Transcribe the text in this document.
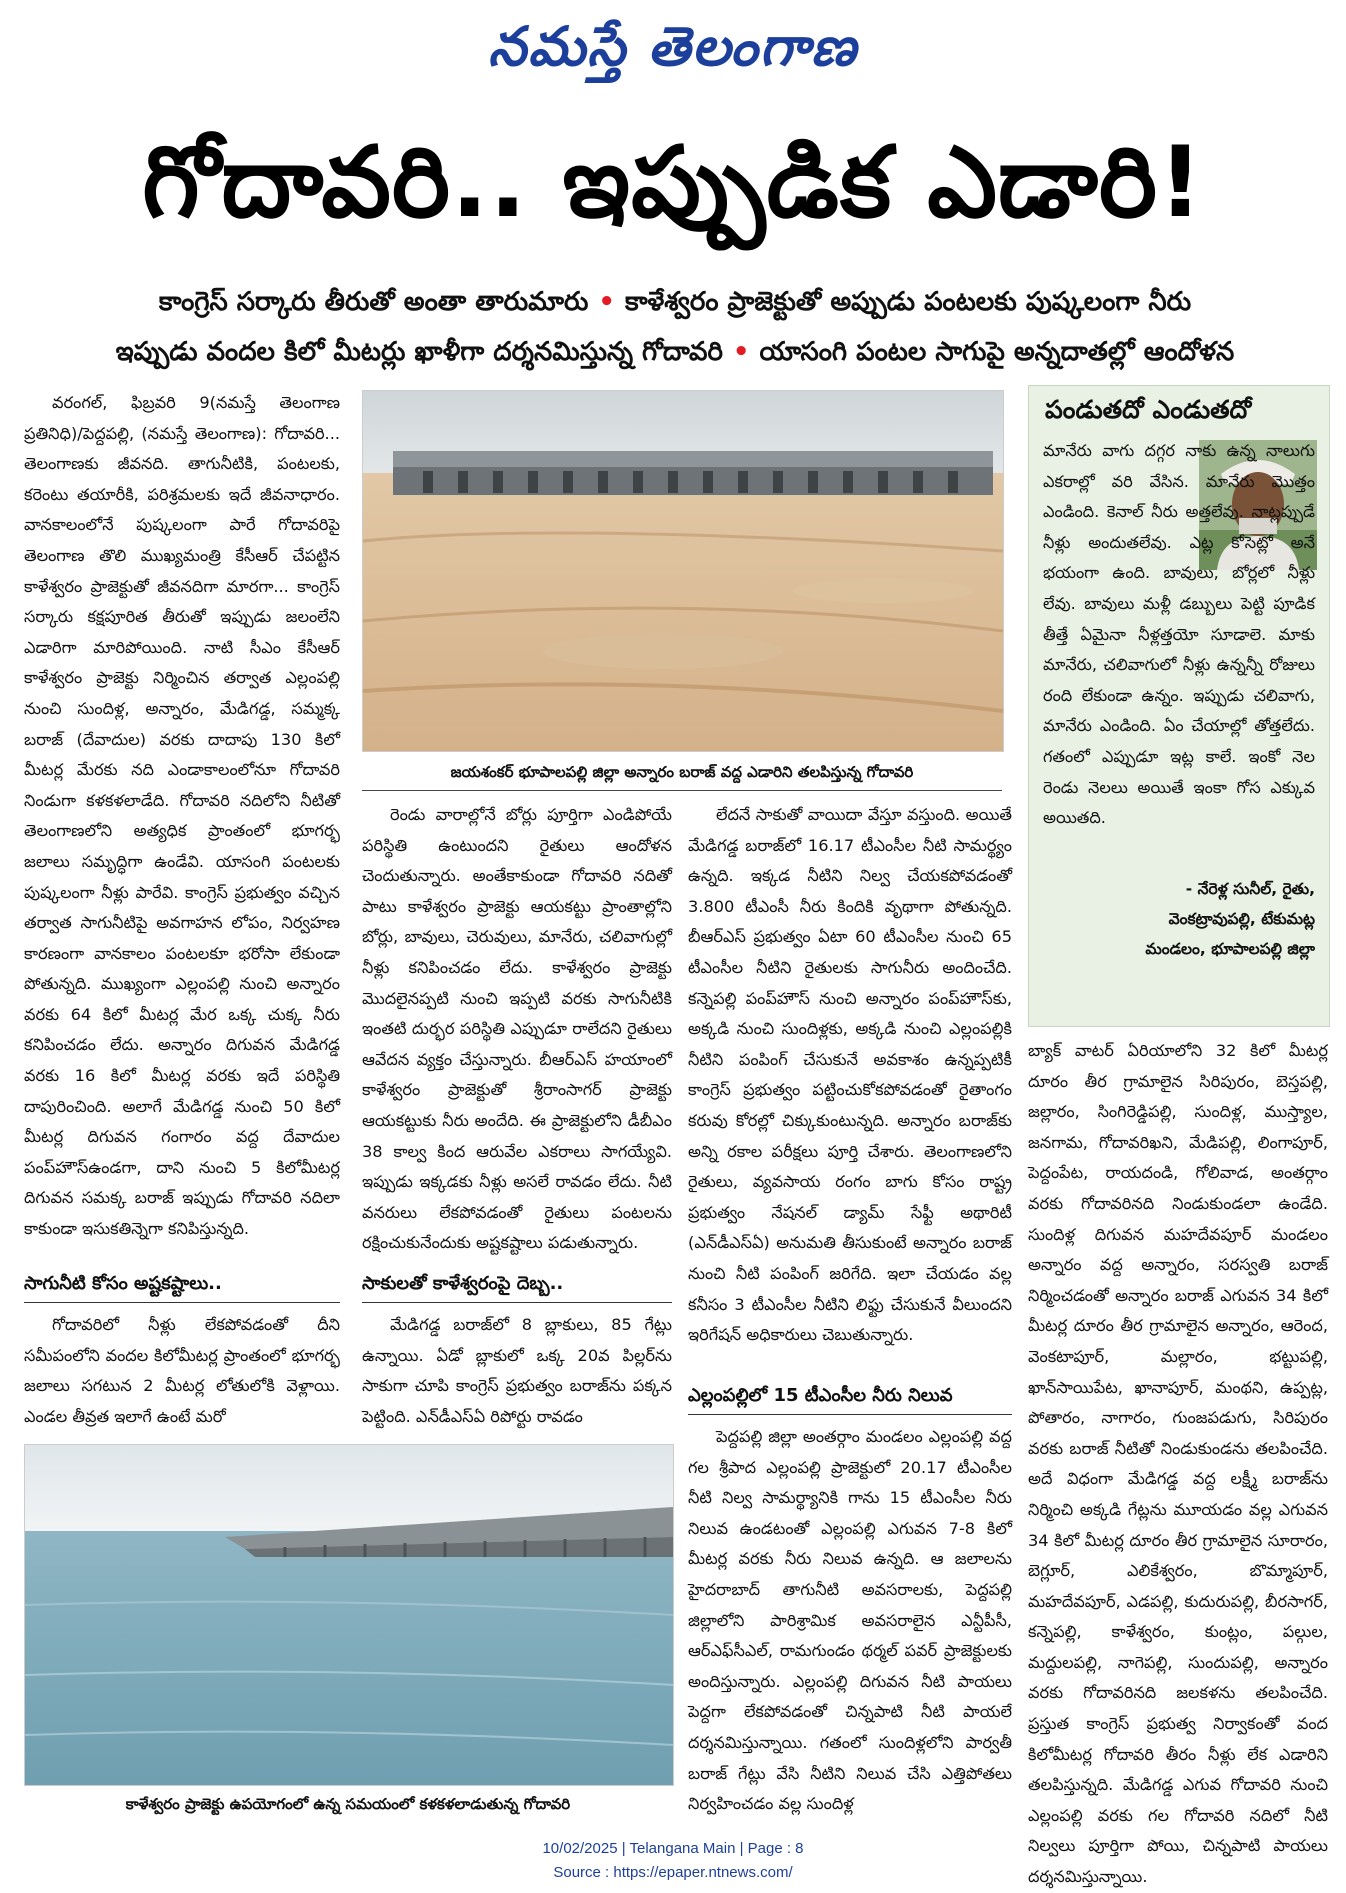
నమస్తే తెలంగాణ
గోదావరి.. ఇప్పుడిక ఎడారి!
కాంగ్రెస్ సర్కారు తీరుతో అంతా తారుమారు • కాళేశ్వరం ప్రాజెక్టుతో అప్పుడు పంటలకు పుష్కలంగా నీరు
ఇప్పుడు వందల కిలో మీటర్లు ఖాళీగా దర్శనమిస్తున్న గోదావరి • యాసంగి పంటల సాగుపై అన్నదాతల్లో ఆందోళన

వరంగల్, ఫిబ్రవరి 9(నమస్తే తెలంగాణ ప్రతినిధి)/పెద్దపల్లి, (నమస్తే తెలంగాణ): గోదావరి... తెలంగాణకు జీవనది. తాగునీటికి, పంటలకు, కరెంటు తయారీకి, పరిశ్రమలకు ఇదే జీవనాధారం. వానకాలంలోనే పుష్కలంగా పారే గోదావరిపై తెలంగాణ తొలి ముఖ్యమంత్రి కేసీఆర్ చేపట్టిన కాళేశ్వరం ప్రాజెక్టుతో జీవనదిగా మారగా... కాంగ్రెస్ సర్కారు కక్షపూరిత తీరుతో ఇప్పుడు జలంలేని ఎడారిగా మారిపోయింది. నాటి సీఎం కేసీఆర్ కాళేశ్వరం ప్రాజెక్టు నిర్మించిన తర్వాత ఎల్లంపల్లి నుంచి సుందిళ్ల, అన్నారం, మేడిగడ్డ, సమ్మక్క బరాజ్ (దేవాదుల) వరకు దాదాపు 130 కిలో మీటర్ల మేరకు నది ఎండాకాలంలోనూ గోదావరి నిండుగా కళకళలాడేది. గోదావరి నదిలోని నీటితో తెలంగాణలోని అత్యధిక ప్రాంతంలో భూగర్భ జలాలు సమృద్ధిగా ఉండేవి. యాసంగి పంటలకు పుష్కలంగా నీళ్లు పారేవి. కాంగ్రెస్ ప్రభుత్వం వచ్చిన తర్వాత సాగునీటిపై అవగాహన లోపం, నిర్వహణ కారణంగా వానకాలం పంటలకూ భరోసా లేకుండా పోతున్నది. ముఖ్యంగా ఎల్లంపల్లి నుంచి అన్నారం వరకు 64 కిలో మీటర్ల మేర ఒక్క చుక్క నీరు కనిపించడం లేదు. అన్నారం దిగువన మేడిగడ్డ వరకు 16 కిలో మీటర్ల వరకు ఇదే పరిస్థితి దాపురించింది. అలాగే మేడిగడ్డ నుంచి 50 కిలో మీటర్ల దిగువన గంగారం వద్ద దేవాదుల పంప్‌హౌస్‌ఉండగా, దాని నుంచి 5 కిలోమీటర్ల దిగువన సమక్క బరాజ్ ఇప్పుడు గోదావరి నదిలా కాకుండా ఇసుకతిన్నెగా కనిపిస్తున్నది.

సాగునీటి కోసం అష్టకష్టాలు..

గోదావరిలో నీళ్లు లేకపోవడంతో దీని సమీపంలోని వందల కిలోమీటర్ల ప్రాంతంలో భూగర్భ జలాలు సగటున 2 మీటర్ల లోతులోకి వెళ్లాయి. ఎండల తీవ్రత ఇలాగే ఉంటే మరో

జయశంకర్ భూపాలపల్లి జిల్లా అన్నారం బరాజ్ వద్ద ఎడారిని తలపిస్తున్న గోదావరి

రెండు వారాల్లోనే బోర్లు పూర్తిగా ఎండిపోయే పరిస్థితి ఉంటుందని రైతులు ఆందోళన చెందుతున్నారు. అంతేకాకుండా గోదావరి నదితో పాటు కాళేశ్వరం ప్రాజెక్టు ఆయకట్టు ప్రాంతాల్లోని బోర్లు, బావులు, చెరువులు, మానేరు, చలివాగుల్లో నీళ్లు కనిపించడం లేదు. కాళేశ్వరం ప్రాజెక్టు మొదలైనప్పటి నుంచి ఇప్పటి వరకు సాగునీటికి ఇంతటి దుర్భర పరిస్థితి ఎప్పుడూ రాలేదని రైతులు ఆవేదన వ్యక్తం చేస్తున్నారు. బీఆర్ఎస్ హయాంలో కాళేశ్వరం ప్రాజెక్టుతో శ్రీరాంసాగర్ ప్రాజెక్టు ఆయకట్టుకు నీరు అందేది. ఈ ప్రాజెక్టులోని డీబీఎం 38 కాల్వ కింద ఆరువేల ఎకరాలు సాగయ్యేవి. ఇప్పుడు ఇక్కడకు నీళ్లు అసలే రావడం లేదు. నీటి వనరులు లేకపోవడంతో రైతులు పంటలను రక్షించుకునేందుకు అష్టకష్టాలు పడుతున్నారు.

సాకులతో కాళేశ్వరంపై దెబ్బ..

మేడిగడ్డ బరాజ్‌లో 8 బ్లాకులు, 85 గేట్లు ఉన్నాయి. ఏడో బ్లాకులో ఒక్క 20వ పిల్లర్‌ను సాకుగా చూపి కాంగ్రెస్ ప్రభుత్వం బరాజ్‌ను పక్కన పెట్టింది. ఎన్‌డీఎస్ఏ రిపోర్టు రావడం

లేదనే సాకుతో వాయిదా వేస్తూ వస్తుంది. అయితే మేడిగడ్డ బరాజ్‌లో 16.17 టీఎంసీల నీటి సామర్థ్యం ఉన్నది. ఇక్కడ నీటిని నిల్వ చేయకపోవడంతో 3.800 టీఎంసీ నీరు కిందికి వృథాగా పోతున్నది. బీఆర్ఎస్ ప్రభుత్వం ఏటా 60 టీఎంసీల నుంచి 65 టీఎంసీల నీటిని రైతులకు సాగునీరు అందించేది. కన్నెపల్లి పంప్‌హౌస్ నుంచి అన్నారం పంప్‌హౌస్‌కు, అక్కడి నుంచి సుందిళ్లకు, అక్కడి నుంచి ఎల్లంపల్లికి నీటిని పంపింగ్ చేసుకునే అవకాశం ఉన్నప్పటికీ కాంగ్రెస్ ప్రభుత్వం పట్టించుకోకపోవడంతో రైతాంగం కరువు కోరల్లో చిక్కుకుంటున్నది. అన్నారం బరాజ్‌కు అన్ని రకాల పరీక్షలు పూర్తి చేశారు. తెలంగాణలోని రైతులు, వ్యవసాయ రంగం బాగు కోసం రాష్ట్ర ప్రభుత్వం నేషనల్ డ్యామ్ సేఫ్టీ అథారిటీ (ఎన్‌డీఎస్ఏ) అనుమతి తీసుకుంటే అన్నారం బరాజ్ నుంచి నీటి పంపింగ్ జరిగేది. ఇలా చేయడం వల్ల కనీసం 3 టీఎంసీల నీటిని లిఫ్టు చేసుకునే వీలుందని ఇరిగేషన్ అధికారులు చెబుతున్నారు.

ఎల్లంపల్లిలో 15 టీఎంసీల నీరు నిలువ

పెద్దపల్లి జిల్లా అంతర్గాం మండలం ఎల్లంపల్లి వద్ద గల శ్రీపాద ఎల్లంపల్లి ప్రాజెక్టులో 20.17 టీఎంసీల నీటి నిల్వ సామర్థ్యానికి గాను 15 టీఎంసీల నీరు నిలువ ఉండటంతో ఎల్లంపల్లి ఎగువన 7-8 కిలో మీటర్ల వరకు నీరు నిలువ ఉన్నది. ఆ జలాలను హైదరాబాద్ తాగునీటి అవసరాలకు, పెద్దపల్లి జిల్లాలోని పారిశ్రామిక అవసరాలైన ఎన్టీపీసీ, ఆర్ఎఫ్‌సీఎల్, రామగుండం థర్మల్ పవర్ ప్రాజెక్టులకు అందిస్తున్నారు. ఎల్లంపల్లి దిగువన నీటి పాయలు పెద్దగా లేకపోవడంతో చిన్నపాటి నీటి పాయలే దర్శనమిస్తున్నాయి. గతంలో సుందిళ్లలోని పార్వతీ బరాజ్ గేట్లు వేసి నీటిని నిలువ చేసి ఎత్తిపోతలు నిర్వహించడం వల్ల సుందిళ్ల

పండుతదో ఎండుతదో
మానేరు వాగు దగ్గర నాకు ఉన్న నాలుగు ఎకరాల్లో వరి వేసిన. మానేరు మొత్తం ఎండింది. కెనాల్ నీరు అత్తలేవు. నాట్లప్పుడే నీళ్లు అందుతలేవు. ఎట్ల కోసెట్లో అనే భయంగా ఉంది. బావులు, బోర్లలో నీళ్లు లేవు. బావులు మళ్లీ డబ్బులు పెట్టి పూడిక తీత్తే ఏమైనా నీళ్లత్తయో సూడాలె. మాకు మానేరు, చలివాగులో నీళ్లు ఉన్నన్నీ రోజులు రంది లేకుండా ఉన్నం. ఇప్పుడు చలివాగు, మానేరు ఎండింది. ఏం చేయాల్లో తోత్తలేదు. గతంలో ఎప్పుడూ ఇట్ల కాలే. ఇంకో నెల రెండు నెలలు అయితే ఇంకా గోస ఎక్కువ అయితది.
- నేరెళ్ల సునీల్, రైతు,
వెంకట్రావుపల్లి, టేకుమట్ల
మండలం, భూపాలపల్లి జిల్లా

బ్యాక్ వాటర్ ఏరియాలోని 32 కిలో మీటర్ల దూరం తీర గ్రామాలైన సిరిపురం, బెస్తపల్లి, జల్లారం, సింగిరెడ్డిపల్లి, సుందిళ్ల, ముస్త్యాల, జనగామ, గోదావరిఖని, మేడిపల్లి, లింగాపూర్, పెద్దంపేట, రాయదండి, గోలివాడ, అంతర్గాం వరకు గోదావరినది నిండుకుండలా ఉండేది. సుందిళ్ల దిగువన మహదేవపూర్ మండలం అన్నారం వద్ద అన్నారం, సరస్వతి బరాజ్ నిర్మించడంతో అన్నారం బరాజ్ ఎగువన 34 కిలో మీటర్ల దూరం తీర గ్రామాలైన అన్నారం, ఆరెంద, వెంకటాపూర్, మల్లారం, భట్టుపల్లి, ఖాన్‌సాయిపేట, ఖానాపూర్, మంథని, ఉప్పట్ల, పోతారం, నాగారం, గుంజపడుగు, సిరిపురం వరకు బరాజ్ నీటితో నిండుకుండను తలపించేది. అదే విధంగా మేడిగడ్డ వద్ద లక్ష్మీ బరాజ్‌ను నిర్మించి అక్కడి గేట్లను మూయడం వల్ల ఎగువన 34 కిలో మీటర్ల దూరం తీర గ్రామాలైన సూరారం, బెగ్లూర్, ఎలికేశ్వరం, బొమ్మాపూర్, మహదేవపూర్, ఎడపల్లి, కుదురుపల్లి, బీరసాగర్, కన్నెపల్లి, కాళేశ్వరం, కుంట్లం, పల్గుల, మద్దులపల్లి, నాగెపల్లి, సుందుపల్లి, అన్నారం వరకు గోదావరినది జలకళను తలపించేది. ప్రస్తుత కాంగ్రెస్ ప్రభుత్వ నిర్వాకంతో వంద కిలోమీటర్ల గోదావరి తీరం నీళ్లు లేక ఎడారిని తలపిస్తున్నది. మేడిగడ్డ ఎగువ గోదావరి నుంచి ఎల్లంపల్లి వరకు గల గోదావరి నదిలో నీటి నిల్వలు పూర్తిగా పోయి, చిన్నపాటి పాయలు దర్శనమిస్తున్నాయి.

కాళేశ్వరం ప్రాజెక్టు ఉపయోగంలో ఉన్న సమయంలో కళకళలాడుతున్న గోదావరి
10/02/2025 | Telangana Main | Page : 8
Source : https://epaper.ntnews.com/
